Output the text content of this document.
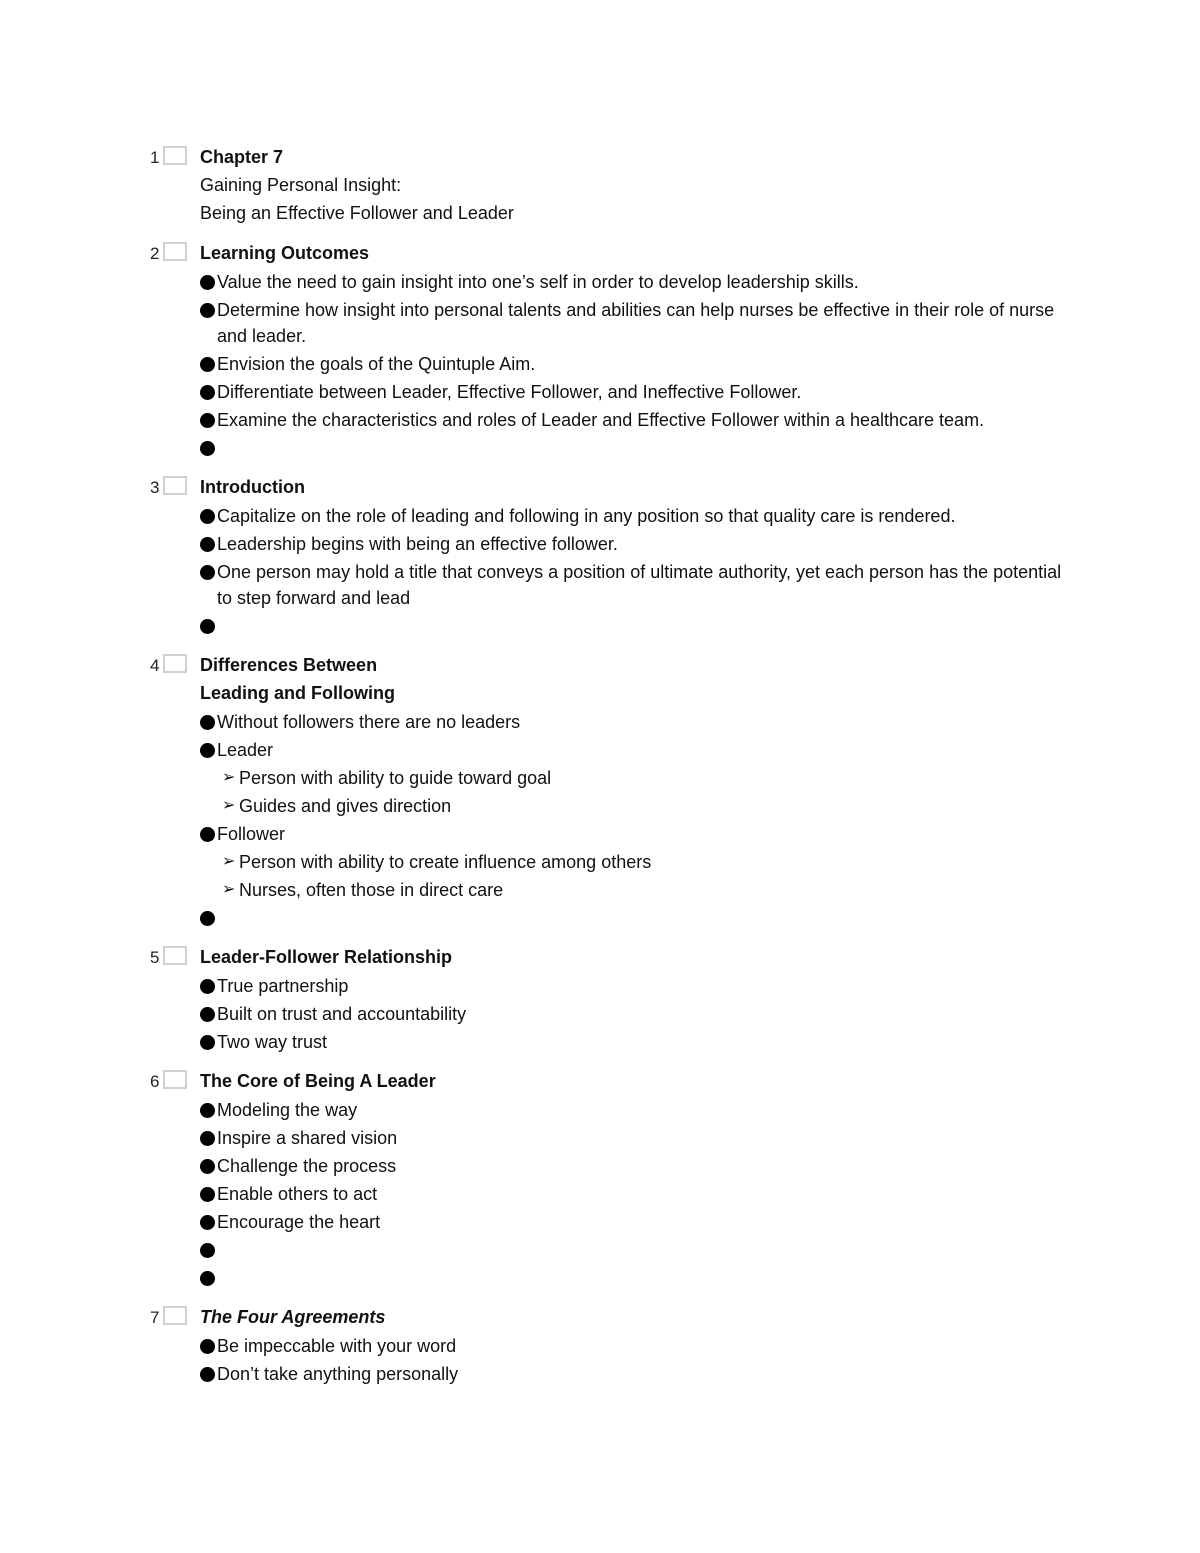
1 Chapter 7

Gaining Personal Insight:

Being an Effective Follower and Leader

2 Learning Outcomes

Value the need to gain insight into one’s self in order to develop leadership skills.
Determine how insight into personal talents and abilities can help nurses be effective in their role of nurse and leader.
Envision the goals of the Quintuple Aim.
Differentiate between Leader, Effective Follower, and Ineffective Follower.
Examine the characteristics and roles of Leader and Effective Follower within a healthcare team.
3 Introduction

Capitalize on the role of leading and following in any position so that quality care is rendered.
Leadership begins with being an effective follower.
One person may hold a title that conveys a position of ultimate authority, yet each person has the potential to step forward and lead
4 Differences Between

Leading and Following

Without followers there are no leaders
Leader
➢ Person with ability to guide toward goal
➢ Guides and gives direction
Follower
➢ Person with ability to create influence among others
➢ Nurses, often those in direct care
5 Leader-Follower Relationship

True partnership
Built on trust and accountability
Two way trust
6 The Core of Being A Leader

Modeling the way
Inspire a shared vision
Challenge the process
Enable others to act
Encourage the heart
7 The Four Agreements

Be impeccable with your word
Don’t take anything personally
